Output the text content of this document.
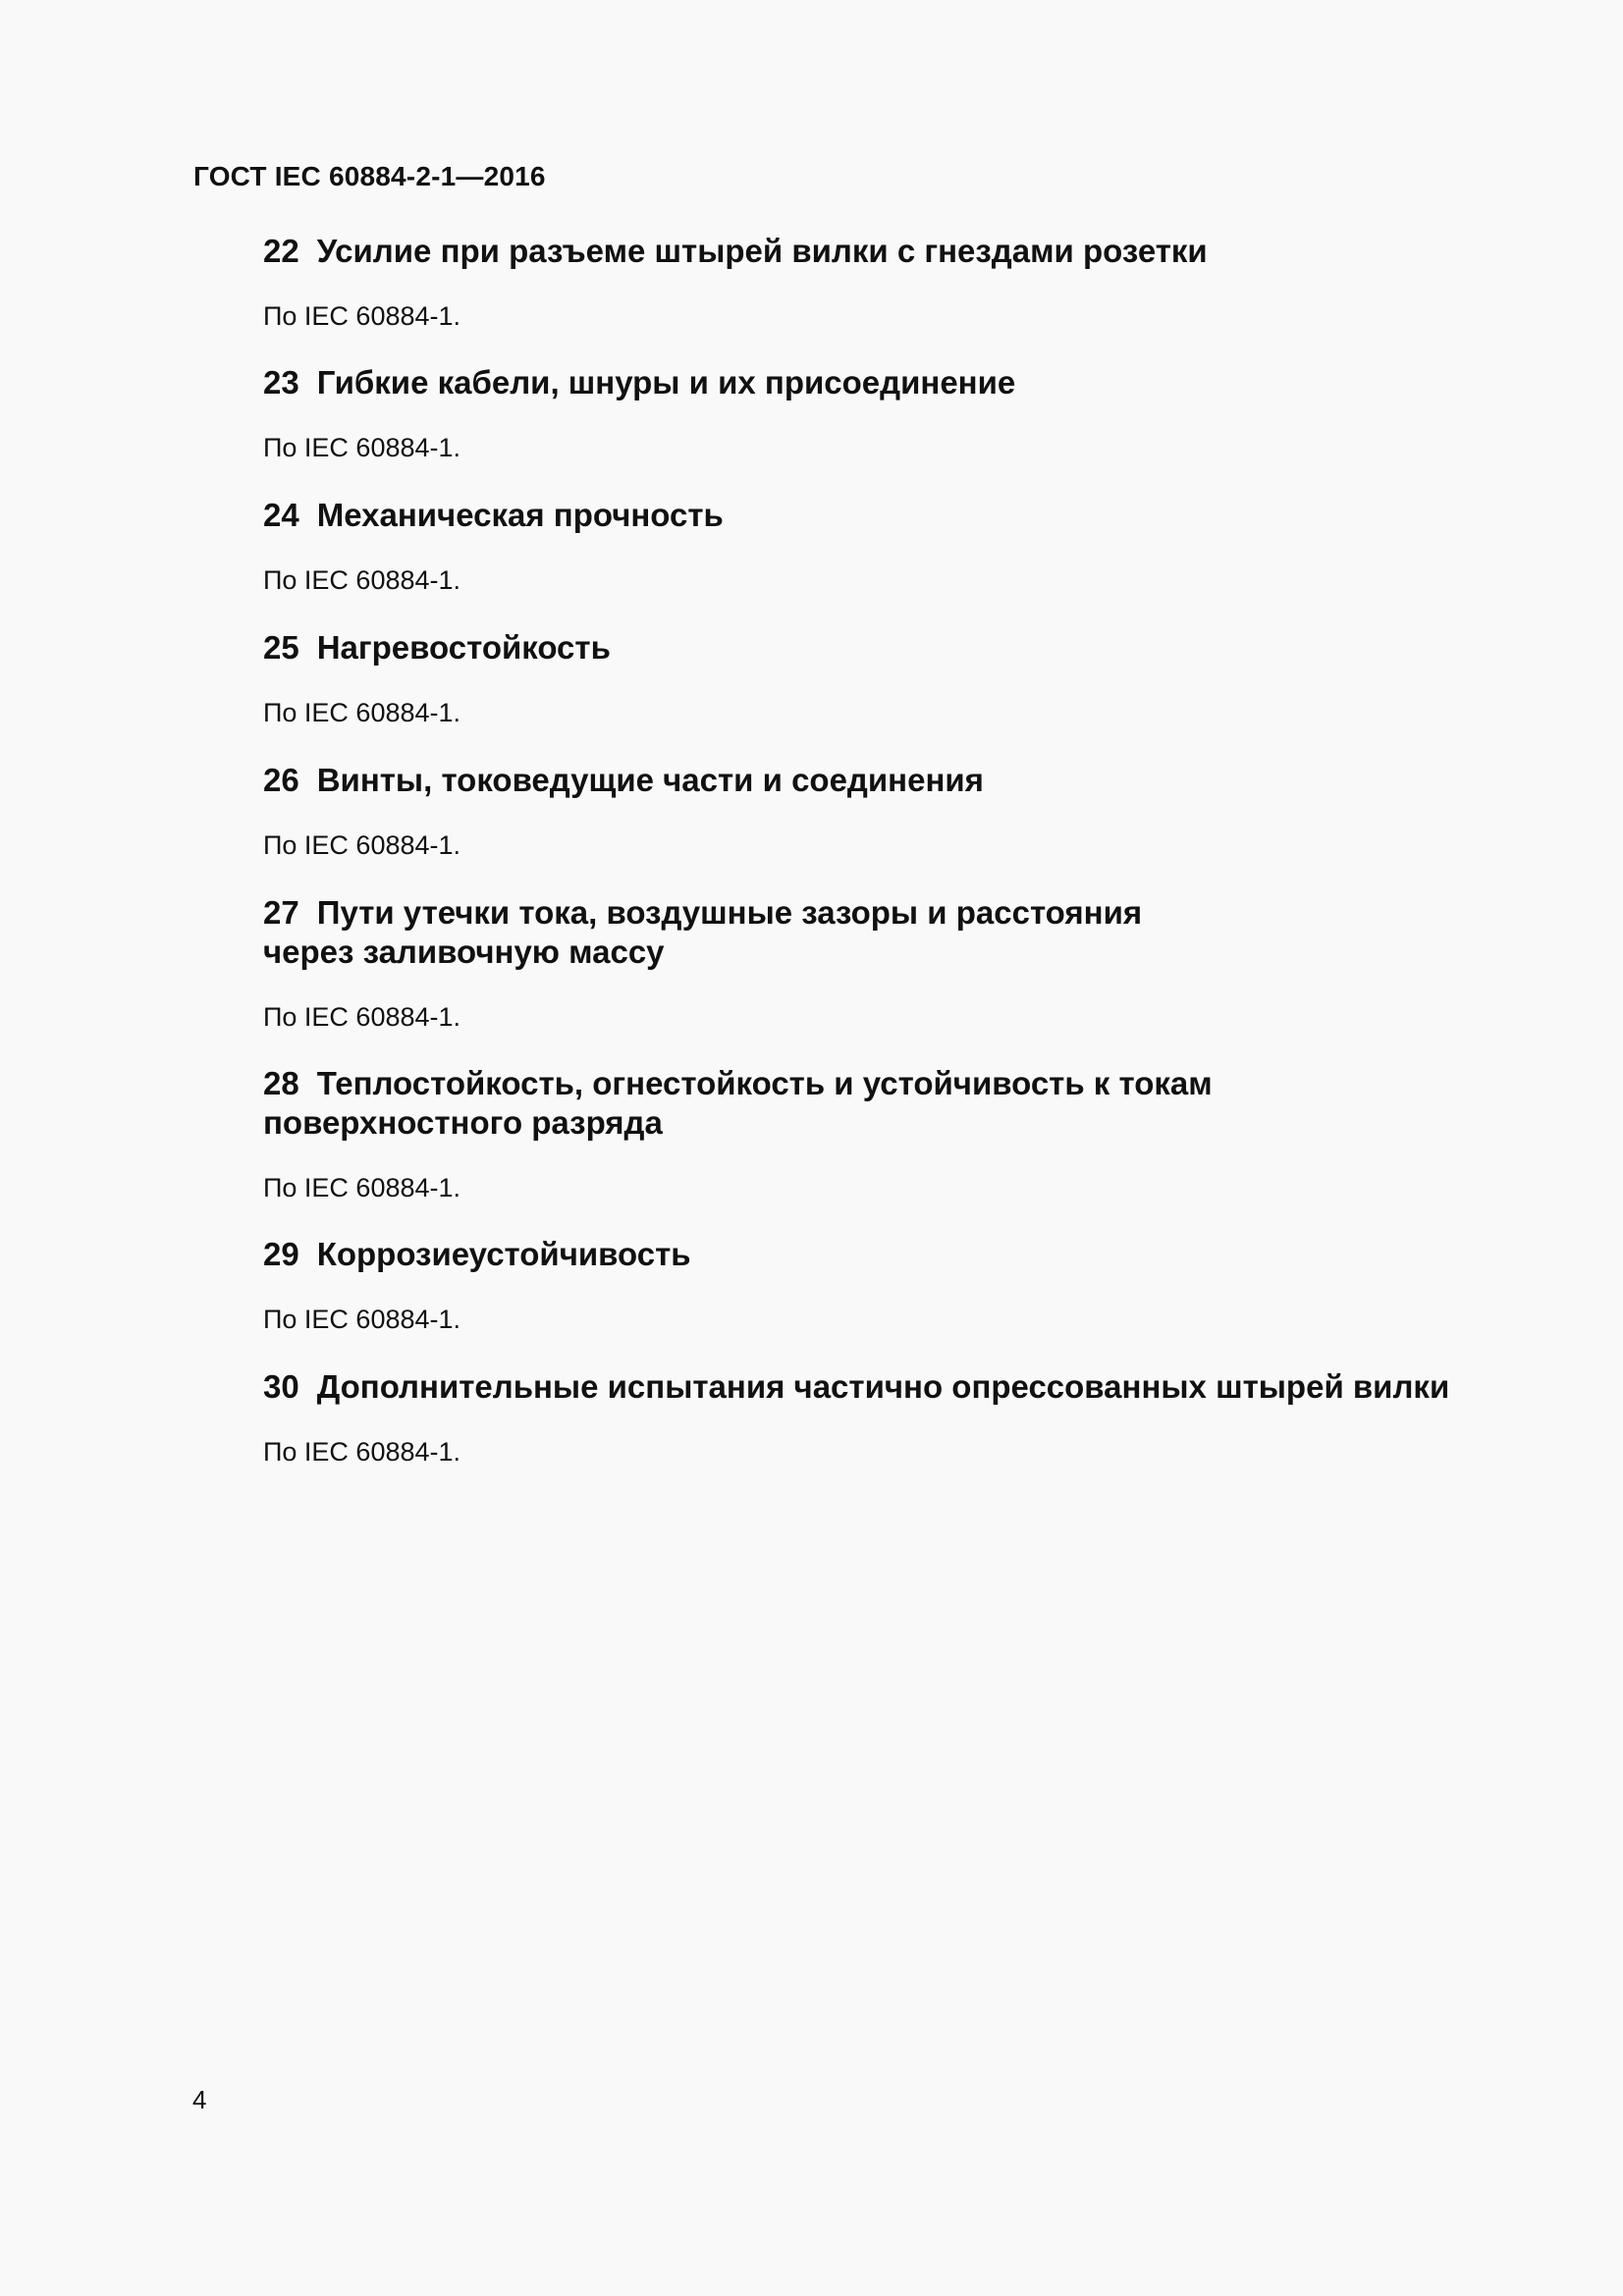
ГОСТ IEC 60884-2-1—2016

22 Усилие при разъеме штырей вилки с гнездами розетки

По IEC 60884-1.

23 Гибкие кабели, шнуры и их присоединение

По IEC 60884-1.

24 Механическая прочность

По IEC 60884-1.

25 Нагревостойкость

По IEC 60884-1.

26 Винты, токоведущие части и соединения

По IEC 60884-1.

27 Пути утечки тока, воздушные зазоры и расстояния
через заливочную массу

По IEC 60884-1.

28 Теплостойкость, огнестойкость и устойчивость к токам
поверхностного разряда

По IEC 60884-1.

29 Коррозиеустойчивость

По IEC 60884-1.

30 Дополнительные испытания частично опрессованных штырей вилки

По IEC 60884-1.

4
